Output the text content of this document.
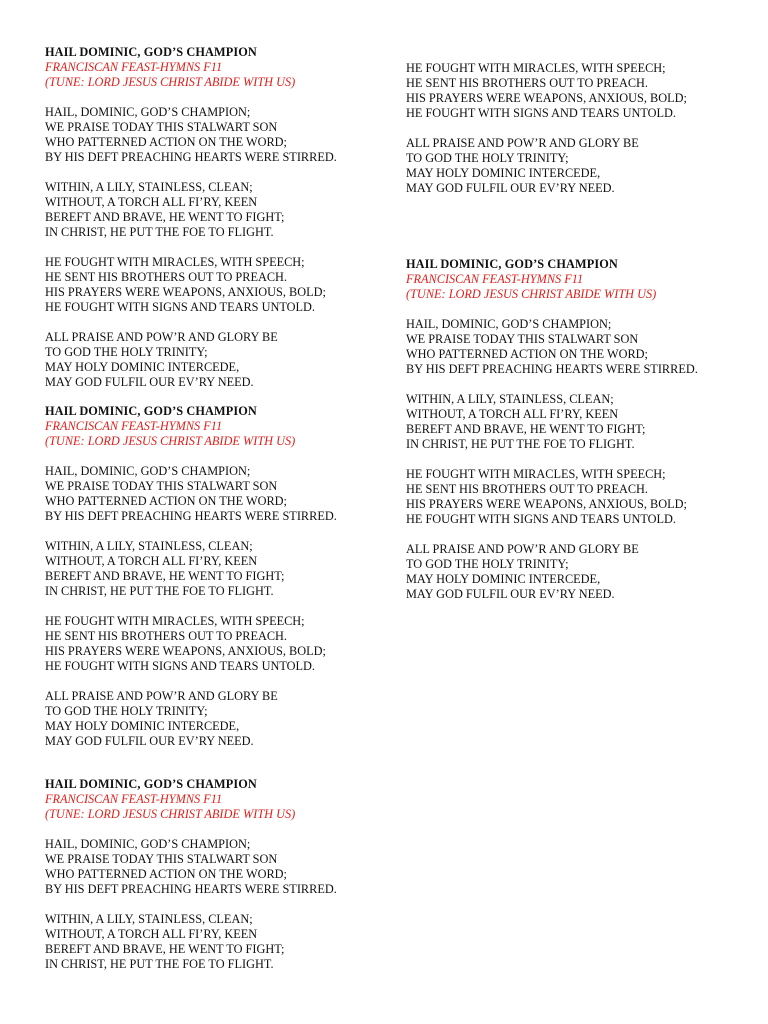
HAIL DOMINIC, GOD’S CHAMPION
FRANCISCAN FEAST-HYMNS F11
(TUNE: LORD JESUS CHRIST ABIDE WITH US)
HAIL, DOMINIC, GOD’S CHAMPION;
WE PRAISE TODAY THIS STALWART SON
WHO PATTERNED ACTION ON THE WORD;
BY HIS DEFT PREACHING HEARTS WERE STIRRED.
WITHIN, A LILY, STAINLESS, CLEAN;
WITHOUT, A TORCH ALL FI’RY, KEEN
BEREFT AND BRAVE, HE WENT TO FIGHT;
IN CHRIST, HE PUT THE FOE TO FLIGHT.
HE FOUGHT WITH MIRACLES, WITH SPEECH;
HE SENT HIS BROTHERS OUT TO PREACH.
HIS PRAYERS WERE WEAPONS, ANXIOUS, BOLD;
HE FOUGHT WITH SIGNS AND TEARS UNTOLD.
ALL PRAISE AND POW’R AND GLORY BE
TO GOD THE HOLY TRINITY;
MAY HOLY DOMINIC INTERCEDE,
MAY GOD FULFIL OUR EV’RY NEED.
HAIL DOMINIC, GOD’S CHAMPION
FRANCISCAN FEAST-HYMNS F11
(TUNE: LORD JESUS CHRIST ABIDE WITH US)
HAIL, DOMINIC, GOD’S CHAMPION;
WE PRAISE TODAY THIS STALWART SON
WHO PATTERNED ACTION ON THE WORD;
BY HIS DEFT PREACHING HEARTS WERE STIRRED.
WITHIN, A LILY, STAINLESS, CLEAN;
WITHOUT, A TORCH ALL FI’RY, KEEN
BEREFT AND BRAVE, HE WENT TO FIGHT;
IN CHRIST, HE PUT THE FOE TO FLIGHT.
HE FOUGHT WITH MIRACLES, WITH SPEECH;
HE SENT HIS BROTHERS OUT TO PREACH.
HIS PRAYERS WERE WEAPONS, ANXIOUS, BOLD;
HE FOUGHT WITH SIGNS AND TEARS UNTOLD.
ALL PRAISE AND POW’R AND GLORY BE
TO GOD THE HOLY TRINITY;
MAY HOLY DOMINIC INTERCEDE,
MAY GOD FULFIL OUR EV’RY NEED.
HAIL DOMINIC, GOD’S CHAMPION
FRANCISCAN FEAST-HYMNS F11
(TUNE: LORD JESUS CHRIST ABIDE WITH US)
HAIL, DOMINIC, GOD’S CHAMPION;
WE PRAISE TODAY THIS STALWART SON
WHO PATTERNED ACTION ON THE WORD;
BY HIS DEFT PREACHING HEARTS WERE STIRRED.
WITHIN, A LILY, STAINLESS, CLEAN;
WITHOUT, A TORCH ALL FI’RY, KEEN
BEREFT AND BRAVE, HE WENT TO FIGHT;
IN CHRIST, HE PUT THE FOE TO FLIGHT.
HE FOUGHT WITH MIRACLES, WITH SPEECH;
HE SENT HIS BROTHERS OUT TO PREACH.
HIS PRAYERS WERE WEAPONS, ANXIOUS, BOLD;
HE FOUGHT WITH SIGNS AND TEARS UNTOLD.
ALL PRAISE AND POW’R AND GLORY BE
TO GOD THE HOLY TRINITY;
MAY HOLY DOMINIC INTERCEDE,
MAY GOD FULFIL OUR EV’RY NEED.
HAIL DOMINIC, GOD’S CHAMPION
FRANCISCAN FEAST-HYMNS F11
(TUNE: LORD JESUS CHRIST ABIDE WITH US)
HAIL, DOMINIC, GOD’S CHAMPION;
WE PRAISE TODAY THIS STALWART SON
WHO PATTERNED ACTION ON THE WORD;
BY HIS DEFT PREACHING HEARTS WERE STIRRED.
WITHIN, A LILY, STAINLESS, CLEAN;
WITHOUT, A TORCH ALL FI’RY, KEEN
BEREFT AND BRAVE, HE WENT TO FIGHT;
IN CHRIST, HE PUT THE FOE TO FLIGHT.
HE FOUGHT WITH MIRACLES, WITH SPEECH;
HE SENT HIS BROTHERS OUT TO PREACH.
HIS PRAYERS WERE WEAPONS, ANXIOUS, BOLD;
HE FOUGHT WITH SIGNS AND TEARS UNTOLD.
ALL PRAISE AND POW’R AND GLORY BE
TO GOD THE HOLY TRINITY;
MAY HOLY DOMINIC INTERCEDE,
MAY GOD FULFIL OUR EV’RY NEED.
